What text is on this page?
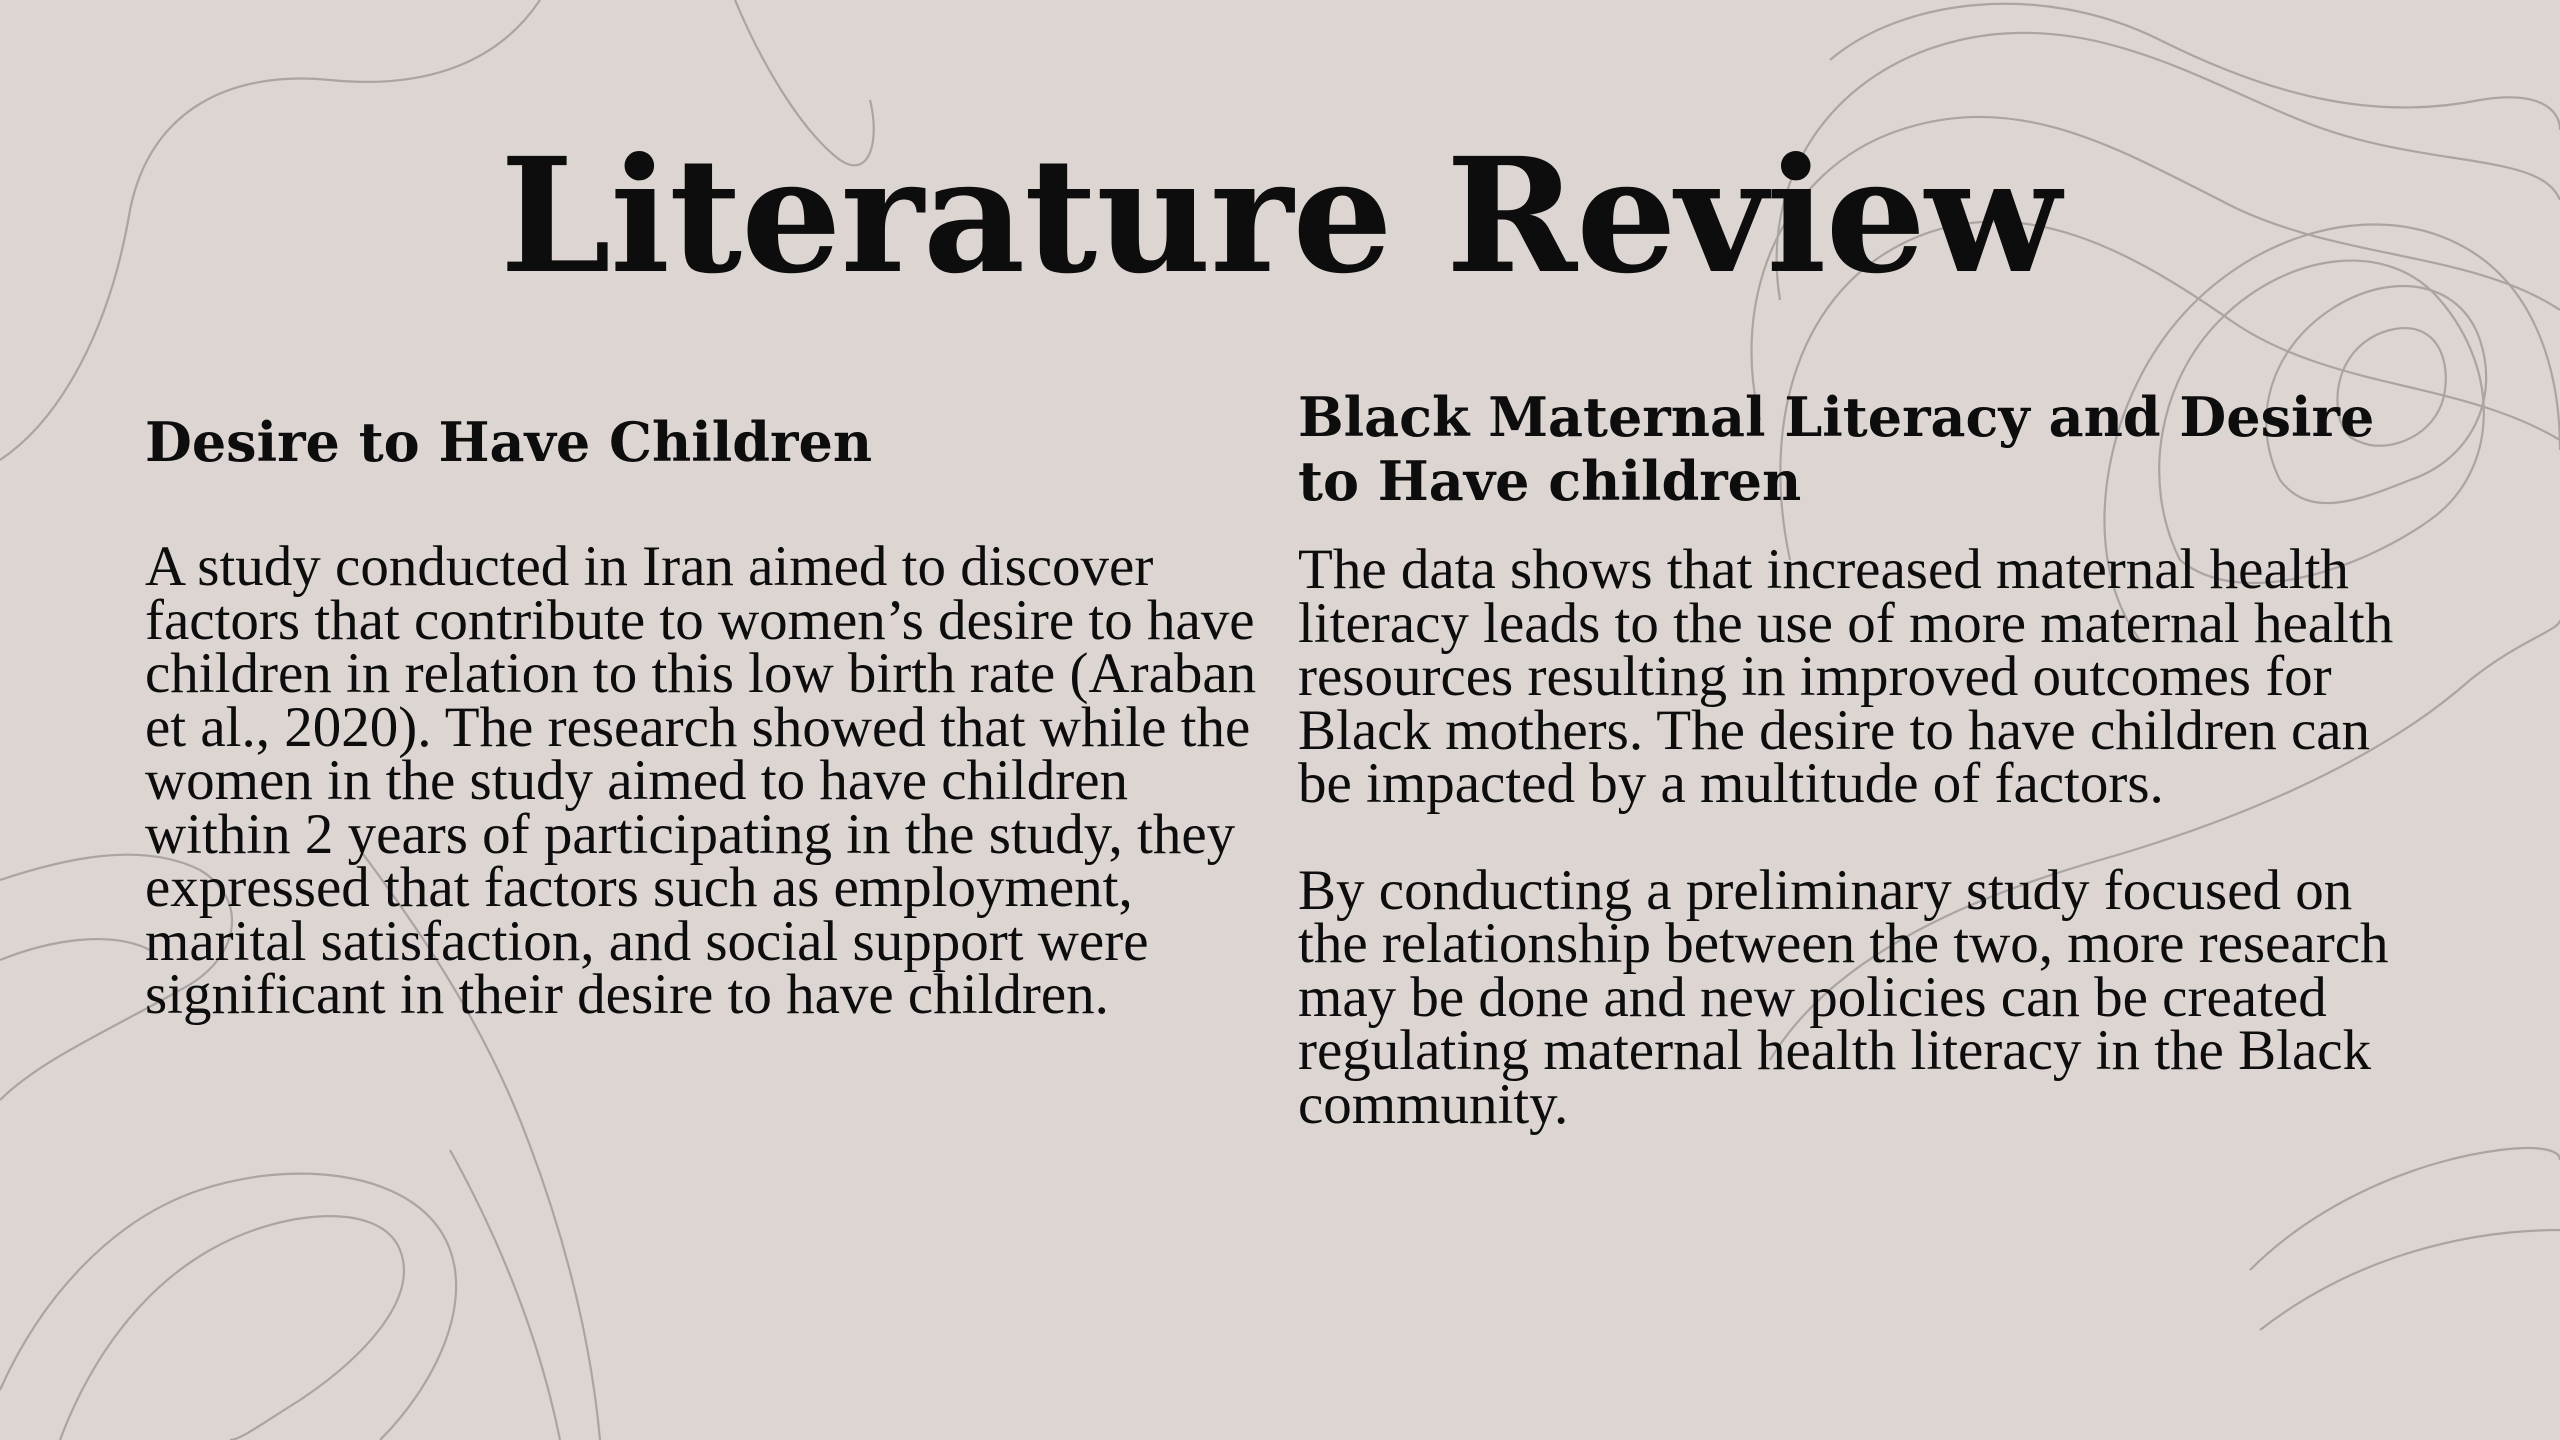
Literature Review
Desire to Have Children

A study conducted in Iran aimed to discover factors that contribute to women’s desire to have children in relation to this low birth rate (Araban et al., 2020). The research showed that while the women in the study aimed to have children within 2 years of participating in the study, they expressed that factors such as employment, marital satisfaction, and social support were significant in their desire to have children.

Black Maternal Literacy and Desire to Have children

The data shows that increased maternal health literacy leads to the use of more maternal health resources resulting in improved outcomes for Black mothers. The desire to have children can be impacted by a multitude of factors.

By conducting a preliminary study focused on the relationship between the two, more research may be done and new policies can be created regulating maternal health literacy in the Black community.
